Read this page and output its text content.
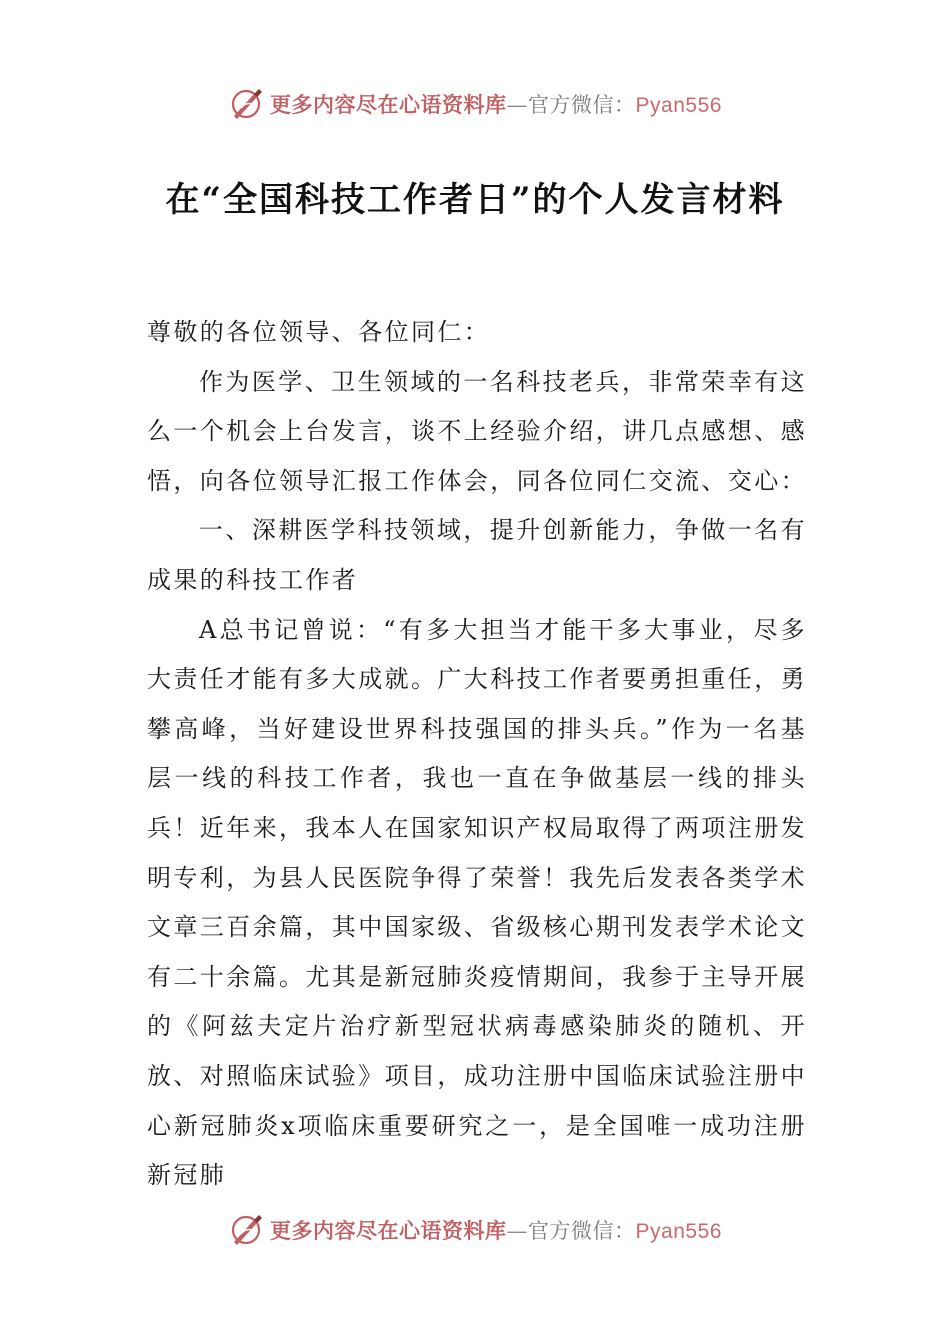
更多内容尽在心语资料库—官方微信：Pyan556
在“全国科技工作者日”的个人发言材料

尊敬的各位领导、各位同仁：

作为医学、卫生领域的一名科技老兵，非常荣幸有这么一个机会上台发言，谈不上经验介绍，讲几点感想、感悟，向各位领导汇报工作体会，同各位同仁交流、交心：

一、深耕医学科技领域，提升创新能力，争做一名有成果的科技工作者

A总书记曾说：“有多大担当才能干多大事业，尽多大责任才能有多大成就。广大科技工作者要勇担重任，勇攀高峰，当好建设世界科技强国的排头兵。”作为一名基层一线的科技工作者，我也一直在争做基层一线的排头兵！近年来，我本人在国家知识产权局取得了两项注册发明专利，为县人民医院争得了荣誉！我先后发表各类学术文章三百余篇，其中国家级、省级核心期刊发表学术论文有二十余篇。尤其是新冠肺炎疫情期间，我参于主导开展的《阿兹夫定片治疗新型冠状病毒感染肺炎的随机、开放、对照临床试验》项目，成功注册中国临床试验注册中心新冠肺炎x项临床重要研究之一，是全国唯一成功注册新冠肺

更多内容尽在心语资料库—官方微信：Pyan556
